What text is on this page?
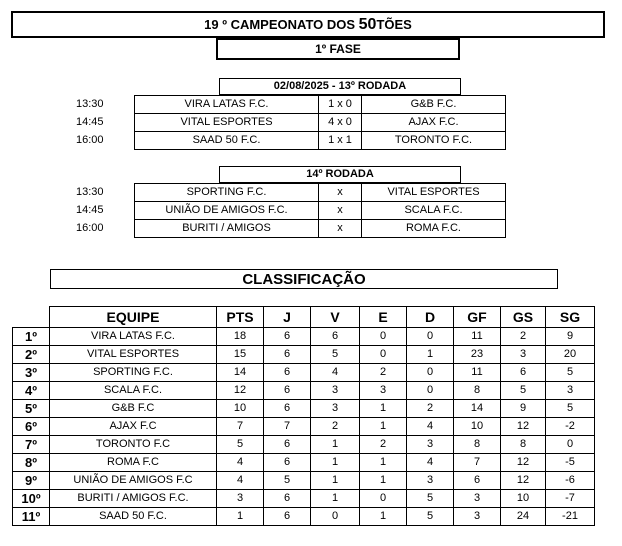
19 º CAMPEONATO DOS 50TÕES
1º FASE
02/08/2025 - 13º RODADA
13:30	VIRA LATAS F.C.	1 x 0	G&B F.C.
14:45	VITAL ESPORTES	4 x 0	AJAX F.C.
16:00	SAAD 50 F.C.	1 x 1	TORONTO F.C.
14º RODADA
13:30	SPORTING F.C.	x	VITAL ESPORTES
14:45	UNIÃO DE AMIGOS F.C.	x	SCALA F.C.
16:00	BURITI / AMIGOS	x	ROMA F.C.
CLASSIFICAÇÃO
	EQUIPE	PTS	J	V	E	D	GF	GS	SG
1º	VIRA LATAS F.C.	18	6	6	0	0	11	2	9
2º	VITAL ESPORTES	15	6	5	0	1	23	3	20
3º	SPORTING F.C.	14	6	4	2	0	11	6	5
4º	SCALA F.C.	12	6	3	3	0	8	5	3
5º	G&B F.C	10	6	3	1	2	14	9	5
6º	AJAX F.C	7	7	2	1	4	10	12	-2
7º	TORONTO F.C	5	6	1	2	3	8	8	0
8º	ROMA F.C	4	6	1	1	4	7	12	-5
9º	UNIÃO DE AMIGOS F.C	4	5	1	1	3	6	12	-6
10º	BURITI / AMIGOS F.C.	3	6	1	0	5	3	10	-7
11º	SAAD 50 F.C.	1	6	0	1	5	3	24	-21
